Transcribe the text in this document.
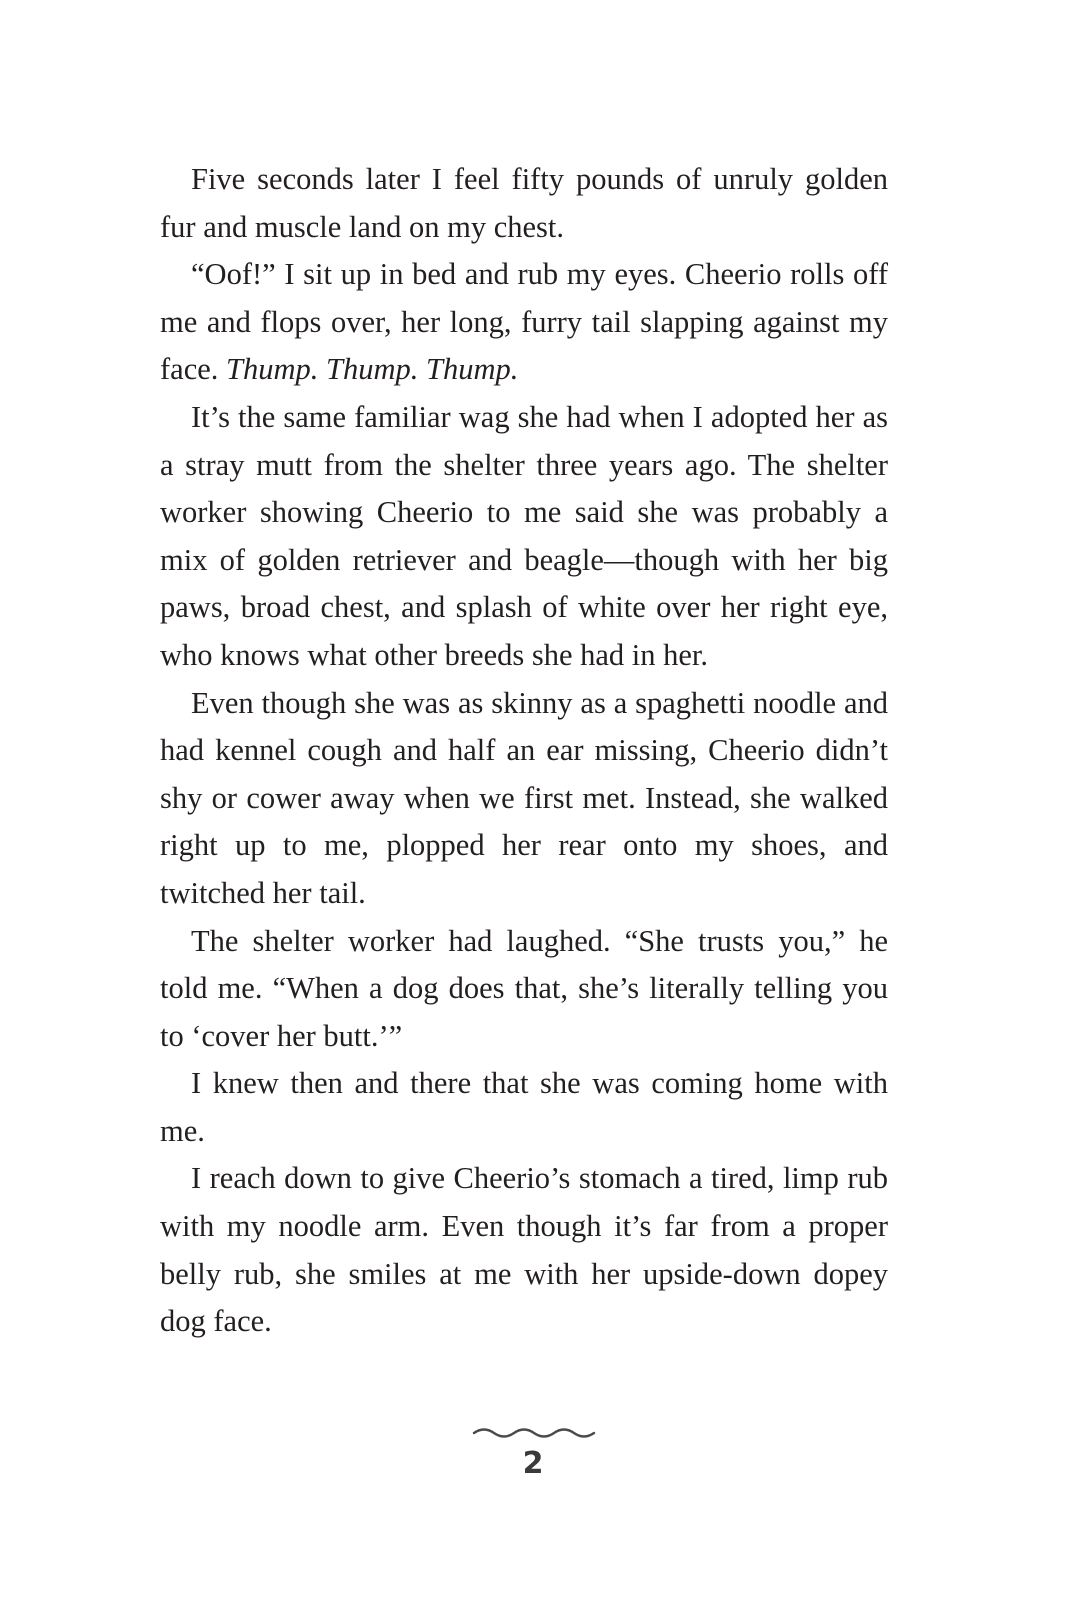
Five seconds later I feel fifty pounds of unruly golden fur and muscle land on my chest.

“Oof!” I sit up in bed and rub my eyes. Cheerio rolls off me and flops over, her long, furry tail slapping against my face. Thump. Thump. Thump.

It’s the same familiar wag she had when I adopted her as a stray mutt from the shelter three years ago. The shelter worker showing Cheerio to me said she was probably a mix of golden retriever and beagle—though with her big paws, broad chest, and splash of white over her right eye, who knows what other breeds she had in her.

Even though she was as skinny as a spaghetti noodle and had kennel cough and half an ear missing, Cheerio didn’t shy or cower away when we first met. Instead, she walked right up to me, plopped her rear onto my shoes, and twitched her tail.

The shelter worker had laughed. “She trusts you,” he told me. “When a dog does that, she’s literally telling you to ‘cover her butt.’”

I knew then and there that she was coming home with me.

I reach down to give Cheerio’s stomach a tired, limp rub with my noodle arm. Even though it’s far from a proper belly rub, she smiles at me with her upside-down dopey dog face.

2
